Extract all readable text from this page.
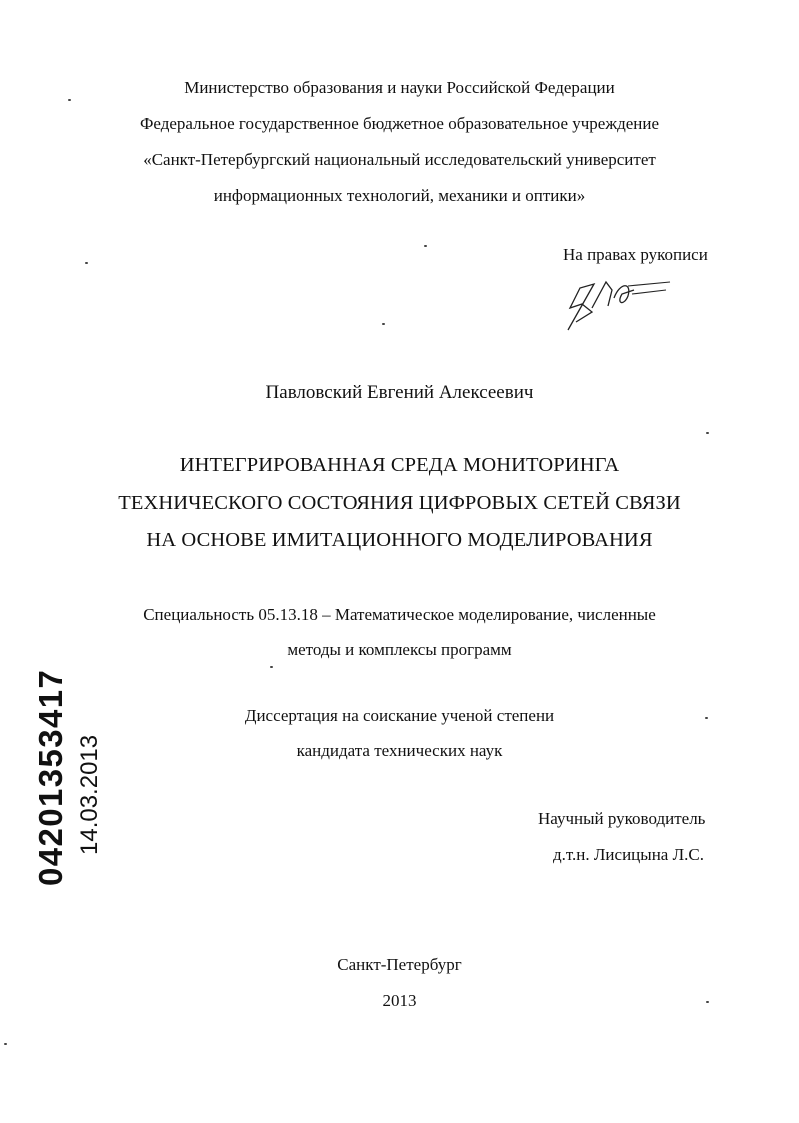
Министерство образования и науки Российской Федерации
Федеральное государственное бюджетное образовательное учреждение
«Санкт-Петербургский национальный исследовательский университет
информационных технологий, механики и оптики»
На правах рукописи
Павловский Евгений Алексеевич
ИНТЕГРИРОВАННАЯ СРЕДА МОНИТОРИНГА
ТЕХНИЧЕСКОГО СОСТОЯНИЯ ЦИФРОВЫХ СЕТЕЙ СВЯЗИ
НА ОСНОВЕ ИМИТАЦИОННОГО МОДЕЛИРОВАНИЯ
Специальность 05.13.18 – Математическое моделирование, численные
методы и комплексы программ
Диссертация на соискание ученой степени
кандидата технических наук
Научный руководитель
д.т.н. Лисицына Л.С.
Санкт-Петербург
2013
04201353417 14.03.2013
